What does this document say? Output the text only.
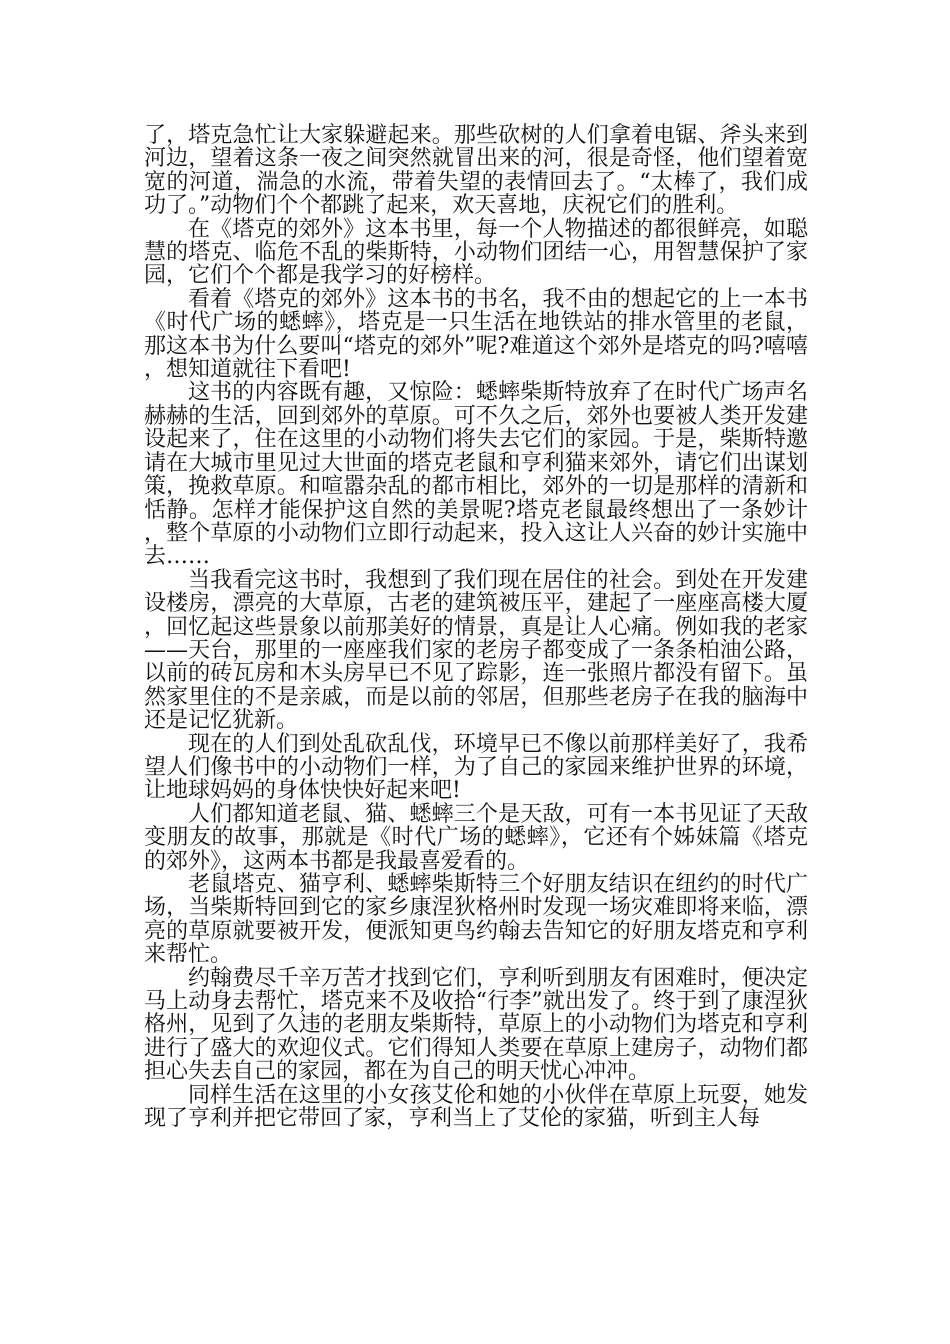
了，塔克急忙让大家躲避起来。那些砍树的人们拿着电锯、斧头来到河边，望着这条一夜之间突然就冒出来的河，很是奇怪，他们望着宽宽的河道，湍急的水流，带着失望的表情回去了。“太棒了，我们成功了。”动物们个个都跳了起来，欢天喜地，庆祝它们的胜利。

在《塔克的郊外》这本书里，每一个人物描述的都很鲜亮，如聪慧的塔克、临危不乱的柴斯特，小动物们团结一心，用智慧保护了家园，它们个个都是我学习的好榜样。

看着《塔克的郊外》这本书的书名，我不由的想起它的上一本书《时代广场的蟋蟀》，塔克是一只生活在地铁站的排水管里的老鼠，那这本书为什么要叫“塔克的郊外”呢?难道这个郊外是塔克的吗?嘻嘻，想知道就往下看吧!

这书的内容既有趣，又惊险：蟋蟀柴斯特放弃了在时代广场声名赫赫的生活，回到郊外的草原。可不久之后，郊外也要被人类开发建设起来了，住在这里的小动物们将失去它们的家园。于是，柴斯特邀请在大城市里见过大世面的塔克老鼠和亨利猫来郊外，请它们出谋划策，挽救草原。和喧嚣杂乱的都市相比，郊外的一切是那样的清新和恬静。怎样才能保护这自然的美景呢?塔克老鼠最终想出了一条妙计，整个草原的小动物们立即行动起来，投入这让人兴奋的妙计实施中去……

当我看完这书时，我想到了我们现在居住的社会。到处在开发建设楼房，漂亮的大草原，古老的建筑被压平，建起了一座座高楼大厦，回忆起这些景象以前那美好的情景，真是让人心痛。例如我的老家——天台，那里的一座座我们家的老房子都变成了一条条柏油公路，以前的砖瓦房和木头房早已不见了踪影，连一张照片都没有留下。虽然家里住的不是亲戚，而是以前的邻居，但那些老房子在我的脑海中还是记忆犹新。

现在的人们到处乱砍乱伐，环境早已不像以前那样美好了，我希望人们像书中的小动物们一样，为了自己的家园来维护世界的环境，让地球妈妈的身体快快好起来吧!

人们都知道老鼠、猫、蟋蟀三个是天敌，可有一本书见证了天敌变朋友的故事，那就是《时代广场的蟋蟀》，它还有个姊妹篇《塔克的郊外》，这两本书都是我最喜爱看的。

老鼠塔克、猫亨利、蟋蟀柴斯特三个好朋友结识在纽约的时代广场，当柴斯特回到它的家乡康涅狄格州时发现一场灾难即将来临，漂亮的草原就要被开发，便派知更鸟约翰去告知它的好朋友塔克和亨利来帮忙。

约翰费尽千辛万苦才找到它们，亨利听到朋友有困难时，便决定马上动身去帮忙，塔克来不及收拾“行李”就出发了。终于到了康涅狄格州，见到了久违的老朋友柴斯特，草原上的小动物们为塔克和亨利进行了盛大的欢迎仪式。它们得知人类要在草原上建房子，动物们都担心失去自己的家园，都在为自己的明天忧心冲冲。

同样生活在这里的小女孩艾伦和她的小伙伴在草原上玩耍，她发现了亨利并把它带回了家，亨利当上了艾伦的家猫，听到主人每
